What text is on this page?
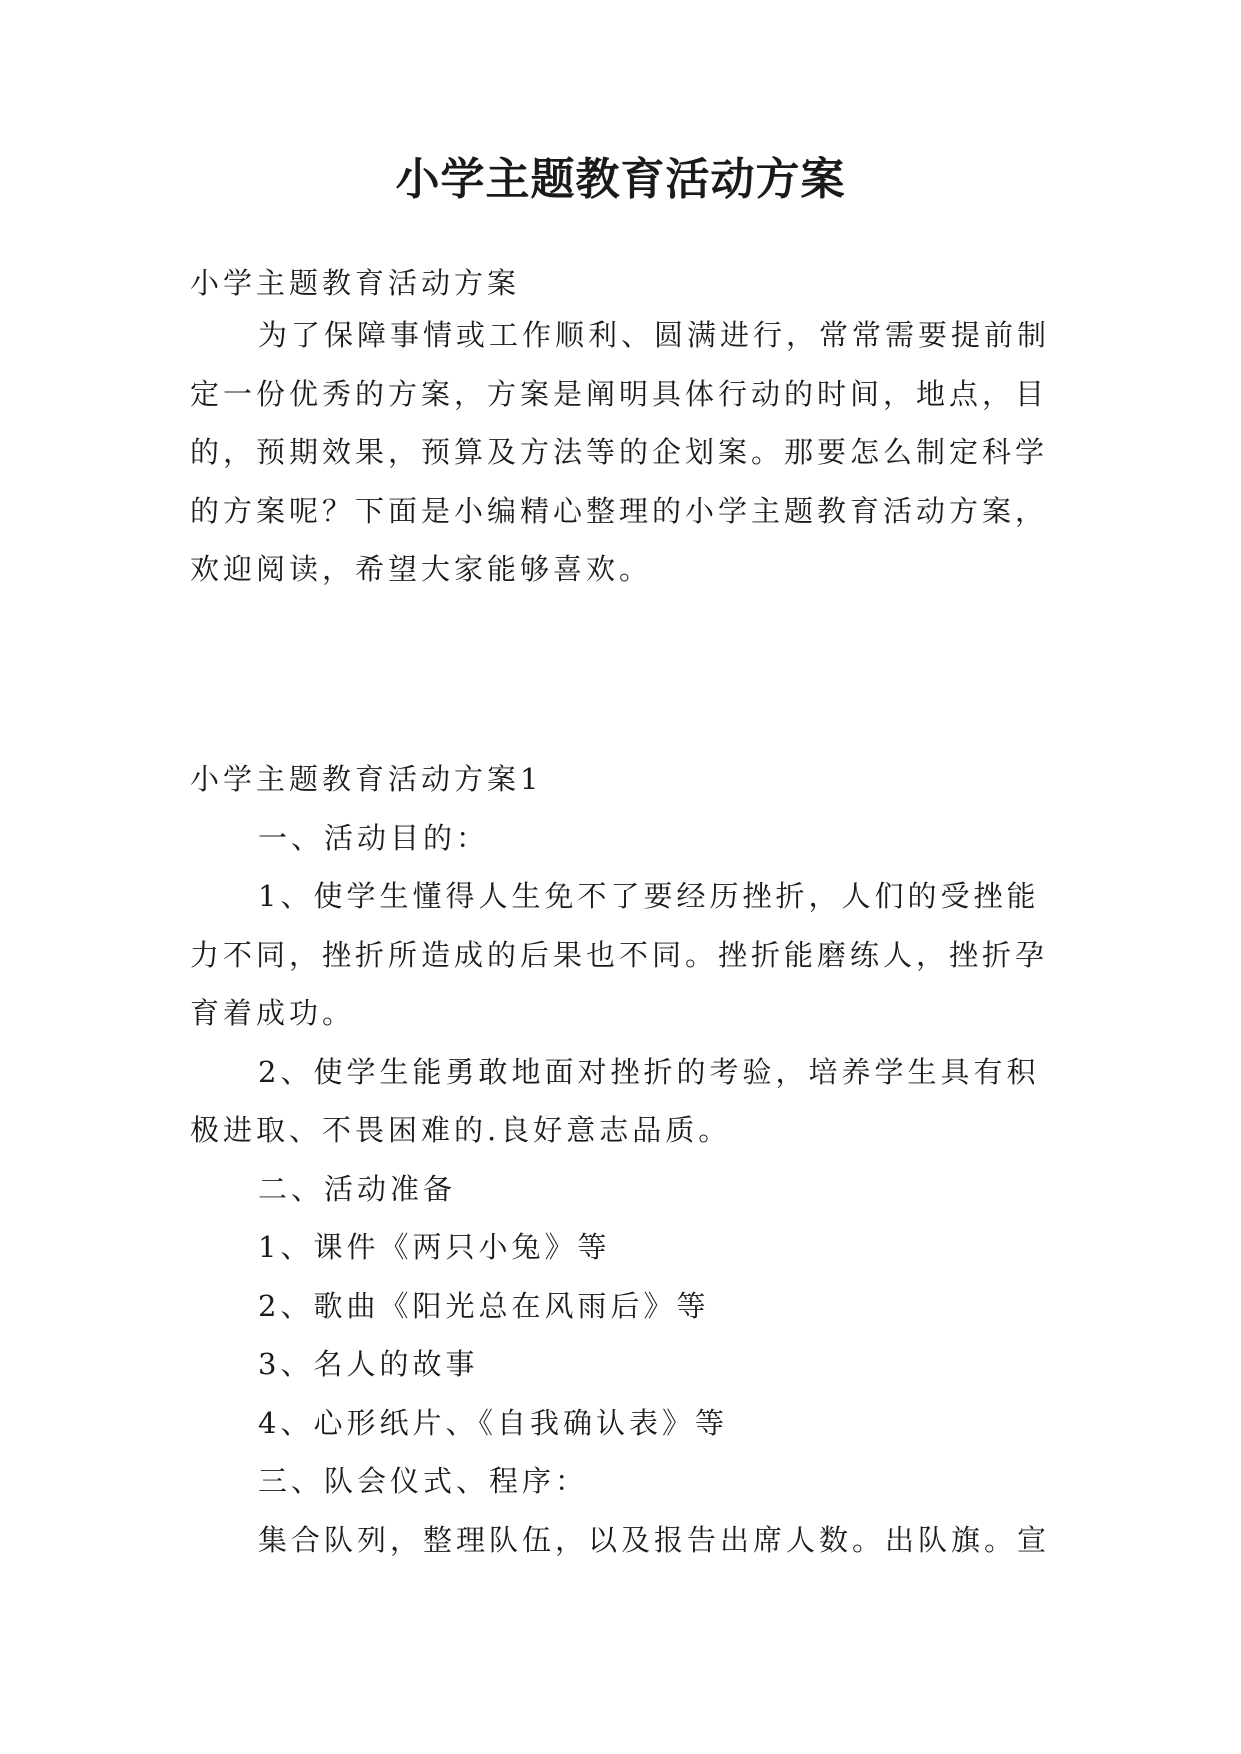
小学主题教育活动方案
小学主题教育活动方案
为了保障事情或工作顺利、圆满进行，常常需要提前制
定一份优秀的方案，方案是阐明具体行动的时间，地点，目
的，预期效果，预算及方法等的企划案。那要怎么制定科学
的方案呢？下面是小编精心整理的小学主题教育活动方案，
欢迎阅读，希望大家能够喜欢。
小学主题教育活动方案1
一、活动目的：
1、使学生懂得人生免不了要经历挫折，人们的受挫能
力不同，挫折所造成的后果也不同。挫折能磨练人，挫折孕
育着成功。
2、使学生能勇敢地面对挫折的考验，培养学生具有积
极进取、不畏困难的.良好意志品质。
二、活动准备
1、课件《两只小兔》等
2、歌曲《阳光总在风雨后》等
3、名人的故事
4、心形纸片、《自我确认表》等
三、队会仪式、程序：
集合队列，整理队伍，以及报告出席人数。出队旗。宣
